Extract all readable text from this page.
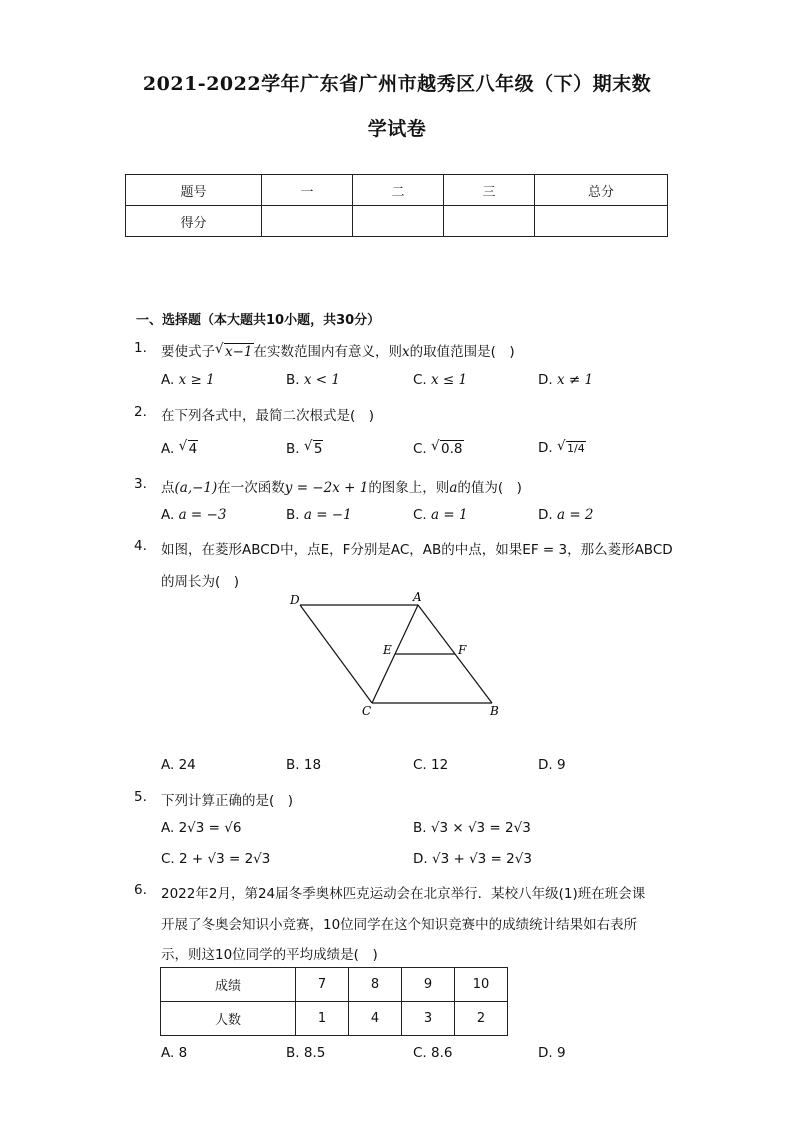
2021-2022学年广东省广州市越秀区八年级（下）期末数
学试卷
题号	一	二	三	总分
得分				
一、选择题（本大题共10小题，共30分）
1.	要使式子 √ x−1在实数范围内有意义，则x的取值范围是(　)
A. x ≥ 1	B. x < 1	C. x ≤ 1	D. x ≠ 1
2.	在下列各式中，最简二次根式是(　)
A. √ 4	B. √ 5	C. √ 0.8	D. √ 1/4
3.	点(a,−1)在一次函数y = −2x + 1的图象上，则a的值为(　)
A. a = −3	B. a = −1	C. a = 1	D. a = 2
4.	如图，在菱形ABCD中，点E，F分别是AC，AB的中点，如果EF = 3，那么菱形ABCD
的周长为(　)
D	A
E	F
C	B
A. 24	B. 18	C. 12	D. 9
5.	下列计算正确的是(　)
A. 2√3 = √6	B. √3 × √3 = 2√3
C. 2 + √3 = 2√3	D. √3 + √3 = 2√3
6.	2022年2月，第24届冬季奥林匹克运动会在北京举行．某校八年级(1)班在班会课
开展了冬奥会知识小竞赛，10位同学在这个知识竞赛中的成绩统计结果如右表所
示，则这10位同学的平均成绩是(　)
成绩	7	8	9	10
人数	1	4	3	2
A. 8	B. 8.5	C. 8.6	D. 9
